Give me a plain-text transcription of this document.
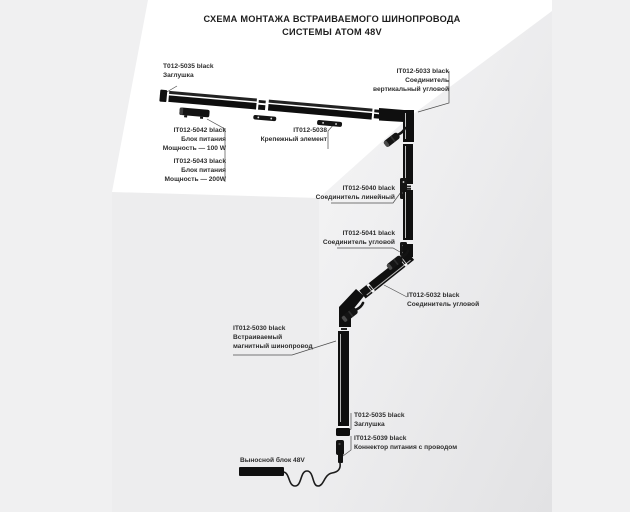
СХЕМА МОНТАЖА ВСТРАИВАЕМОГО ШИНОПРОВОДА
СИСТЕМЫ ATOM 48V
T012-5035 black
Заглушка
IT012-5042 black
Блок питания
Мощность — 100 W
IT012-5043 black
Блок питания
Мощность — 200W
IT012-5038
Крепежный элемент
IT012-5033 black
Соединитель
вертикальный угловой
IT012-5040 black
Соединитель линейный
IT012-5041 black
Соединитель угловой
IT012-5032 black
Соединитель угловой
IT012-5030 black
Встраиваемый
магнитный шинопровод
T012-5035 black
Заглушка
IT012-5039 black
Коннектор питания с проводом
Выносной блок 48V
